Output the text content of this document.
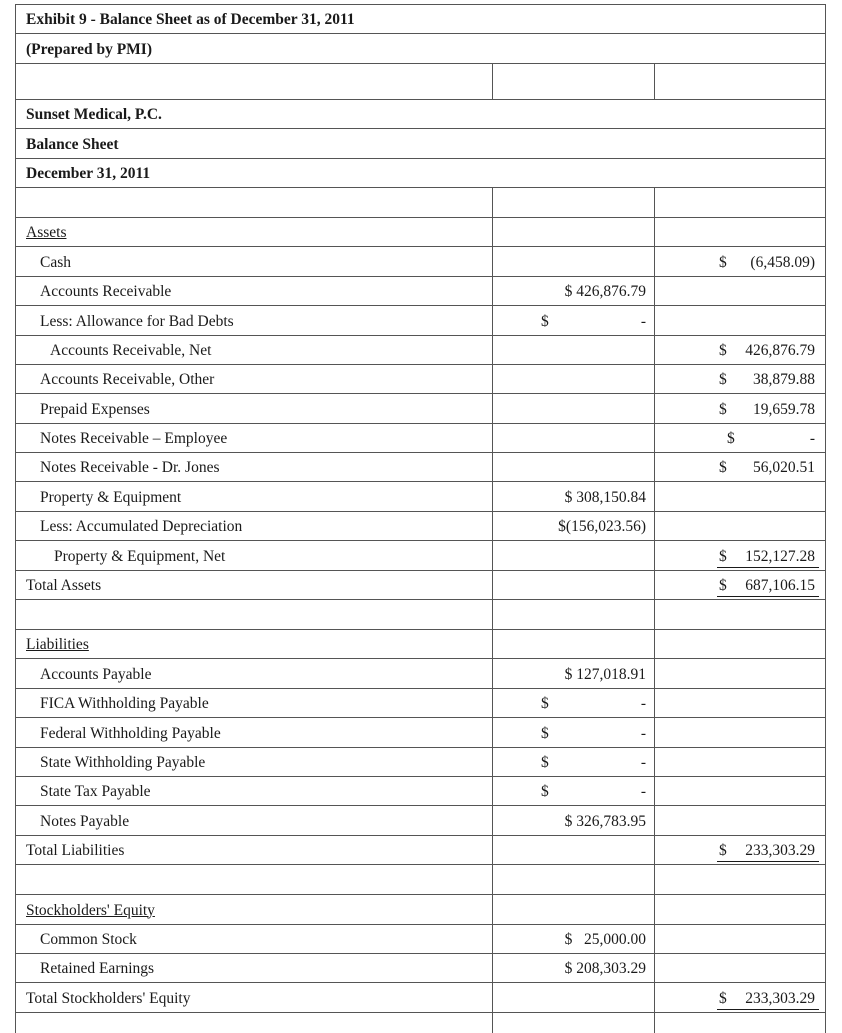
Exhibit 9 - Balance Sheet as of December 31, 2011
(Prepared by PMI)
Sunset Medical, P.C.
Balance Sheet
December 31, 2011
Assets
Cash	$ (6,458.09)
Accounts Receivable	$ 426,876.79
Less: Allowance for Bad Debts	$	-
Accounts Receivable, Net	$ 426,876.79
Accounts Receivable, Other	$ 38,879.88
Prepaid Expenses	$ 19,659.78
Notes Receivable – Employee	$	-
Notes Receivable - Dr. Jones	$ 56,020.51
Property & Equipment	$ 308,150.84
Less: Accumulated Depreciation	$(156,023.56)
Property & Equipment, Net	$ 152,127.28
Total Assets	$ 687,106.15
Liabilities
Accounts Payable	$ 127,018.91
FICA Withholding Payable	$	-
Federal Withholding Payable	$	-
State Withholding Payable	$	-
State Tax Payable	$	-
Notes Payable	$ 326,783.95
Total Liabilities	$ 233,303.29
Stockholders' Equity
Common Stock	$   25,000.00
Retained Earnings	$ 208,303.29
Total Stockholders' Equity	$ 233,303.29
